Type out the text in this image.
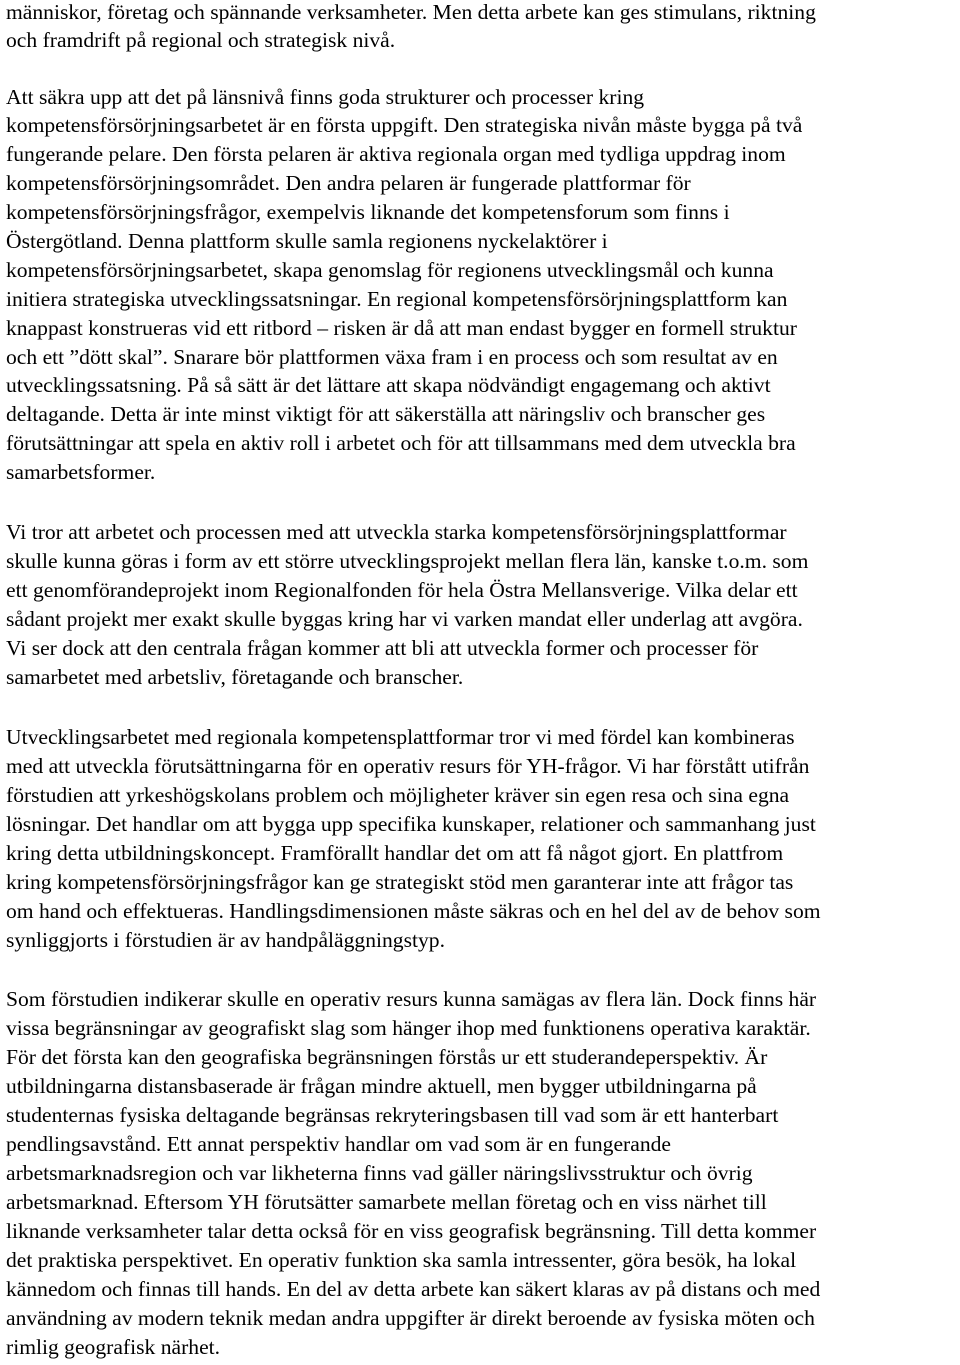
människor, företag och spännande verksamheter. Men detta arbete kan ges stimulans, riktning
och framdrift på regional och strategisk nivå.
Att säkra upp att det på länsnivå finns goda strukturer och processer kring
kompetensförsörjningsarbetet är en första uppgift. Den strategiska nivån måste bygga på två
fungerande pelare. Den första pelaren är aktiva regionala organ med tydliga uppdrag inom
kompetensförsörjningsområdet. Den andra pelaren är fungerade plattformar för
kompetensförsörjningsfrågor, exempelvis liknande det kompetensforum som finns i
Östergötland. Denna plattform skulle samla regionens nyckelaktörer i
kompetensförsörjningsarbetet, skapa genomslag för regionens utvecklingsmål och kunna
initiera strategiska utvecklingssatsningar. En regional kompetensförsörjningsplattform kan
knappast konstrueras vid ett ritbord – risken är då att man endast bygger en formell struktur
och ett ”dött skal”. Snarare bör plattformen växa fram i en process och som resultat av en
utvecklingssatsning. På så sätt är det lättare att skapa nödvändigt engagemang och aktivt
deltagande. Detta är inte minst viktigt för att säkerställa att näringsliv och branscher ges
förutsättningar att spela en aktiv roll i arbetet och för att tillsammans med dem utveckla bra
samarbetsformer.
Vi tror att arbetet och processen med att utveckla starka kompetensförsörjningsplattformar
skulle kunna göras i form av ett större utvecklingsprojekt mellan flera län, kanske t.o.m. som
ett genomförandeprojekt inom Regionalfonden för hela Östra Mellansverige. Vilka delar ett
sådant projekt mer exakt skulle byggas kring har vi varken mandat eller underlag att avgöra.
Vi ser dock att den centrala frågan kommer att bli att utveckla former och processer för
samarbetet med arbetsliv, företagande och branscher.
Utvecklingsarbetet med regionala kompetensplattformar tror vi med fördel kan kombineras
med att utveckla förutsättningarna för en operativ resurs för YH-frågor. Vi har förstått utifrån
förstudien att yrkeshögskolans problem och möjligheter kräver sin egen resa och sina egna
lösningar. Det handlar om att bygga upp specifika kunskaper, relationer och sammanhang just
kring detta utbildningskoncept. Framförallt handlar det om att få något gjort. En plattfrom
kring kompetensförsörjningsfrågor kan ge strategiskt stöd men garanterar inte att frågor tas
om hand och effektueras. Handlingsdimensionen måste säkras och en hel del av de behov som
synliggjorts i förstudien är av handpåläggningstyp.
Som förstudien indikerar skulle en operativ resurs kunna samägas av flera län. Dock finns här
vissa begränsningar av geografiskt slag som hänger ihop med funktionens operativa karaktär.
För det första kan den geografiska begränsningen förstås ur ett studerandeperspektiv. Är
utbildningarna distansbaserade är frågan mindre aktuell, men bygger utbildningarna på
studenternas fysiska deltagande begränsas rekryteringsbasen till vad som är ett hanterbart
pendlingsavstånd. Ett annat perspektiv handlar om vad som är en fungerande
arbetsmarknadsregion och var likheterna finns vad gäller näringslivsstruktur och övrig
arbetsmarknad. Eftersom YH förutsätter samarbete mellan företag och en viss närhet till
liknande verksamheter talar detta också för en viss geografisk begränsning. Till detta kommer
det praktiska perspektivet. En operativ funktion ska samla intressenter, göra besök, ha lokal
kännedom och finnas till hands. En del av detta arbete kan säkert klaras av på distans och med
användning av modern teknik medan andra uppgifter är direkt beroende av fysiska möten och
rimlig geografisk närhet.
